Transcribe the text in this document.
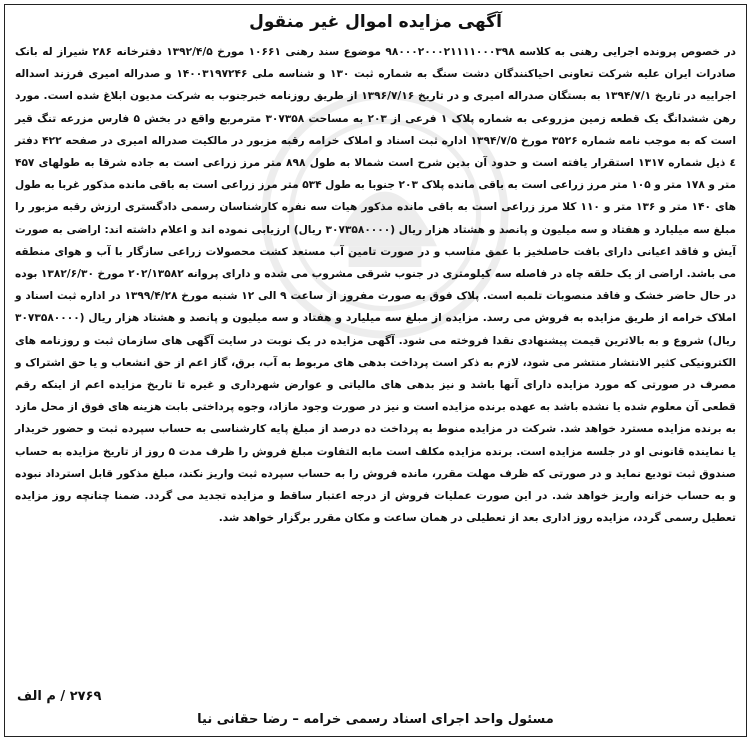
آگهی مزایده اموال غیر منقول

در خصوص پرونده اجرایی رهنی به کلاسه ۹۸۰۰۰۲۰۰۰۲۱۱۱۱۰۰۰۳۹۸ موضوع سند رهنی ۱۰۶۶۱ مورخ ۱۳۹۲/۴/۵ دفترخانه ۲۸۶ شیراز له بانک صادرات ایران علیه شرکت تعاونی احیاکنندگان دشت سنگ به شماره ثبت ۱۳۰ و شناسه ملی ۱۴۰۰۳۱۹۷۲۴۶ و صدراله امیری فرزند اسداله اجراییه در تاریخ ۱۳۹۴/۷/۱ به بستگان صدراله امیری و در تاریخ ۱۳۹۶/۷/۱۶ از طریق روزنامه خبرجنوب به شرکت مدیون ابلاغ شده است. مورد رهن ششدانگ یک قطعه زمین مزروعی به شماره پلاک ۱ فرعی از ۲۰۳ به مساحت ۳۰۷۳۵۸ مترمربع واقع در بخش ۵ فارس مزرعه تنگ قیر است که به موجب نامه شماره ۳۵۲۶ مورخ ۱۳۹۴/۷/۵ اداره ثبت اسناد و املاک خرامه رقبه مزبور در مالکیت صدراله امیری در صفحه ۴۲۲ دفتر ٤ ذیل شماره ۱۳۱۷ استقرار یافته است و حدود آن بدین شرح است شمالا به طول ۸۹۸ متر مرز زراعی است به جاده شرقا به طولهای ۴۵۷ متر و ۱۷۸ متر و ۱۰۵ متر مرز زراعی است به باقی مانده پلاک ۲۰۳ جنوبا به طول ۵۳۴ متر مرز زراعی است به باقی مانده مذکور غربا به طول های ۱۴۰ متر و ۱۳۶ متر و ۱۱۰ کلا مرز زراعی است به باقی مانده مذکور هیات سه نفره کارشناسان رسمی دادگستری ارزش رقبه مزبور را مبلغ سه میلیارد و هفتاد و سه میلیون و پانصد و هشتاد هزار ریال (۳۰۷۳۵۸۰۰۰۰ ریال) ارزیابی نموده اند و اعلام داشته اند: اراضی به صورت آیش و فاقد اعیانی دارای بافت حاصلخیز با عمق مناسب و در صورت تامین آب مستعد کشت محصولات زراعی سازگار با آب و هوای منطقه می باشد. اراضی از یک حلقه چاه در فاصله سه کیلومتری در جنوب شرقی مشروب می شده و دارای پروانه ۲۰۲/۱۳۵۸۲ مورخ ۱۳۸۲/۶/۳۰ بوده در حال حاضر خشک و فاقد منصوبات تلمبه است. پلاک فوق به صورت مفروز از ساعت ۹ الی ۱۲ شنبه مورخ ۱۳۹۹/۴/۲۸ در اداره ثبت اسناد و املاک خرامه از طریق مزایده به فروش می رسد. مزایده از مبلغ سه میلیارد و هفتاد و سه میلیون و پانصد و هشتاد هزار ریال (۳۰۷۳۵۸۰۰۰۰ ریال) شروع و به بالاترین قیمت پیشنهادی نقدا فروخته می شود. آگهی مزایده در یک نوبت در سایت آگهی های سازمان ثبت و روزنامه های الکترونیکی کثیر الانتشار منتشر می شود، لازم به ذکر است پرداخت بدهی های مربوط به آب، برق، گاز اعم از حق انشعاب و یا حق اشتراک و مصرف در صورتی که مورد مزایده دارای آنها باشد و نیز بدهی های مالیاتی و عوارض شهرداری و غیره تا تاریخ مزایده اعم از اینکه رقم قطعی آن معلوم شده یا نشده باشد به عهده برنده مزایده است و نیز در صورت وجود مازاد، وجوه پرداختی بابت هزینه های فوق از محل مازد به برنده مزایده مسترد خواهد شد. شرکت در مزایده منوط به پرداخت ده درصد از مبلغ پایه کارشناسی به حساب سپرده ثبت و حضور خریدار یا نماینده قانونی او در جلسه مزایده است. برنده مزایده مکلف است مابه التفاوت مبلغ فروش را ظرف مدت ۵ روز از تاریخ مزایده به حساب صندوق ثبت تودیع نماید و در صورتی که ظرف مهلت مقرر، مانده فروش را به حساب سپرده ثبت واریز نکند، مبلغ مذکور قابل استرداد نبوده و به حساب خزانه واریز خواهد شد. در این صورت عملیات فروش از درجه اعتبار ساقط و مزایده تجدید می گردد. ضمنا چنانچه روز مزایده تعطیل رسمی گردد، مزایده روز اداری بعد از تعطیلی در همان ساعت و مکان مقرر برگزار خواهد شد.

۲۷۶۹ / م الف

مسئول واحد اجرای اسناد رسمی خرامه – رضا حقانی نیا
